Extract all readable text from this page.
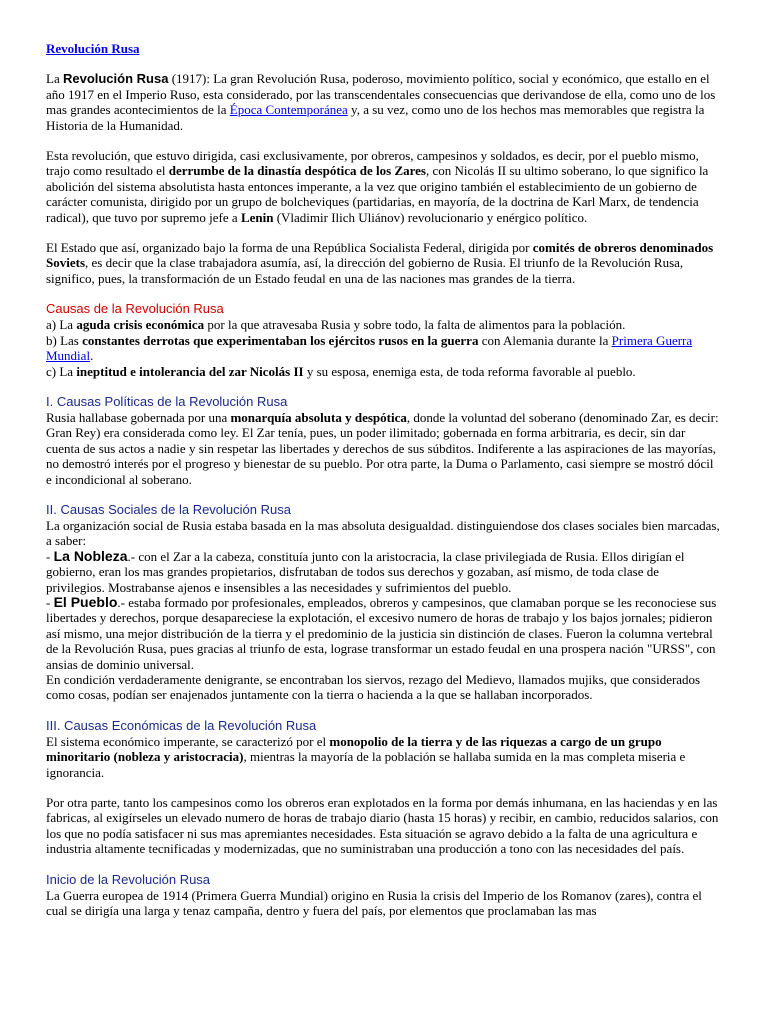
Revolución Rusa

La Revolución Rusa (1917): La gran Revolución Rusa, poderoso, movimiento político, social y económico, que estallo en el año 1917 en el Imperio Ruso, esta considerado, por las transcendentales consecuencias que derivandose de ella, como uno de los mas grandes acontecimientos de la Época Contemporánea y, a su vez, como uno de los hechos mas memorables que registra la Historia de la Humanidad.

Esta revolución, que estuvo dirigida, casi exclusivamente, por obreros, campesinos y soldados, es decir, por el pueblo mismo, trajo como resultado el derrumbe de la dinastía despótica de los Zares, con Nicolás II su ultimo soberano, lo que significo la abolición del sistema absolutista hasta entonces imperante, a la vez que origino también el establecimiento de un gobierno de carácter comunista, dirigido por un grupo de bolcheviques (partidarias, en mayoría, de la doctrina de Karl Marx, de tendencia radical), que tuvo por supremo jefe a Lenin (Vladimir Ilich Uliánov) revolucionario y enérgico político.

El Estado que así, organizado bajo la forma de una República Socialista Federal, dirigida por comités de obreros denominados Soviets, es decir que la clase trabajadora asumía, así, la dirección del gobierno de Rusia. El triunfo de la Revolución Rusa, significo, pues, la transformación de un Estado feudal en una de las naciones mas grandes de la tierra.

Causas de la Revolución Rusa

a) La aguda crisis económica por la que atravesaba Rusia y sobre todo, la falta de alimentos para la población.

b) Las constantes derrotas que experimentaban los ejércitos rusos en la guerra con Alemania durante la Primera Guerra Mundial.

c) La ineptitud e intolerancia del zar Nicolás II y su esposa, enemiga esta, de toda reforma favorable al pueblo.

I. Causas Políticas de la Revolución Rusa

Rusia hallabase gobernada por una monarquía absoluta y despótica, donde la voluntad del soberano (denominado Zar, es decir: Gran Rey) era considerada como ley. El Zar tenía, pues, un poder ilimitado; gobernada en forma arbitraria, es decir, sin dar cuenta de sus actos a nadie y sin respetar las libertades y derechos de sus súbditos. Indiferente a las aspiraciones de las mayorías, no demostró interés por el progreso y bienestar de su pueblo. Por otra parte, la Duma o Parlamento, casi siempre se mostró dócil e incondicional al soberano.

II. Causas Sociales de la Revolución Rusa

La organización social de Rusia estaba basada en la mas absoluta desigualdad. distinguiendose dos clases sociales bien marcadas, a saber:

- La Nobleza.- con el Zar a la cabeza, constituía junto con la aristocracia, la clase privilegiada de Rusia. Ellos dirigían el gobierno, eran los mas grandes propietarios, disfrutaban de todos sus derechos y gozaban, así mismo, de toda clase de privilegios. Mostrabanse ajenos e insensibles a las necesidades y sufrimientos del pueblo.

- El Pueblo.- estaba formado por profesionales, empleados, obreros y campesinos, que clamaban porque se les reconociese sus libertades y derechos, porque desapareciese la explotación, el excesivo numero de horas de trabajo y los bajos jornales; pidieron así mismo, una mejor distribución de la tierra y el predominio de la justicia sin distinción de clases. Fueron la columna vertebral de la Revolución Rusa, pues gracias al triunfo de esta, lograse transformar un estado feudal en una prospera nación "URSS", con ansias de dominio universal.

En condición verdaderamente denigrante, se encontraban los siervos, rezago del Medievo, llamados mujiks, que considerados como cosas, podían ser enajenados juntamente con la tierra o hacienda a la que se hallaban incorporados.

III. Causas Económicas de la Revolución Rusa

El sistema económico imperante, se caracterizó por el monopolio de la tierra y de las riquezas a cargo de un grupo minoritario (nobleza y aristocracia), mientras la mayoría de la población se hallaba sumida en la mas completa miseria e ignorancia.

Por otra parte, tanto los campesinos como los obreros eran explotados en la forma por demás inhumana, en las haciendas y en las fabricas, al exigírseles un elevado numero de horas de trabajo diario (hasta 15 horas) y recibir, en cambio, reducidos salarios, con los que no podía satisfacer ni sus mas apremiantes necesidades. Esta situación se agravo debido a la falta de una agricultura e industria altamente tecnificadas y modernizadas, que no suministraban una producción a tono con las necesidades del país.

Inicio de la Revolución Rusa

La Guerra europea de 1914 (Primera Guerra Mundial) origino en Rusia la crisis del Imperio de los Romanov (zares), contra el cual se dirigía una larga y tenaz campaña, dentro y fuera del país, por elementos que proclamaban las mas
